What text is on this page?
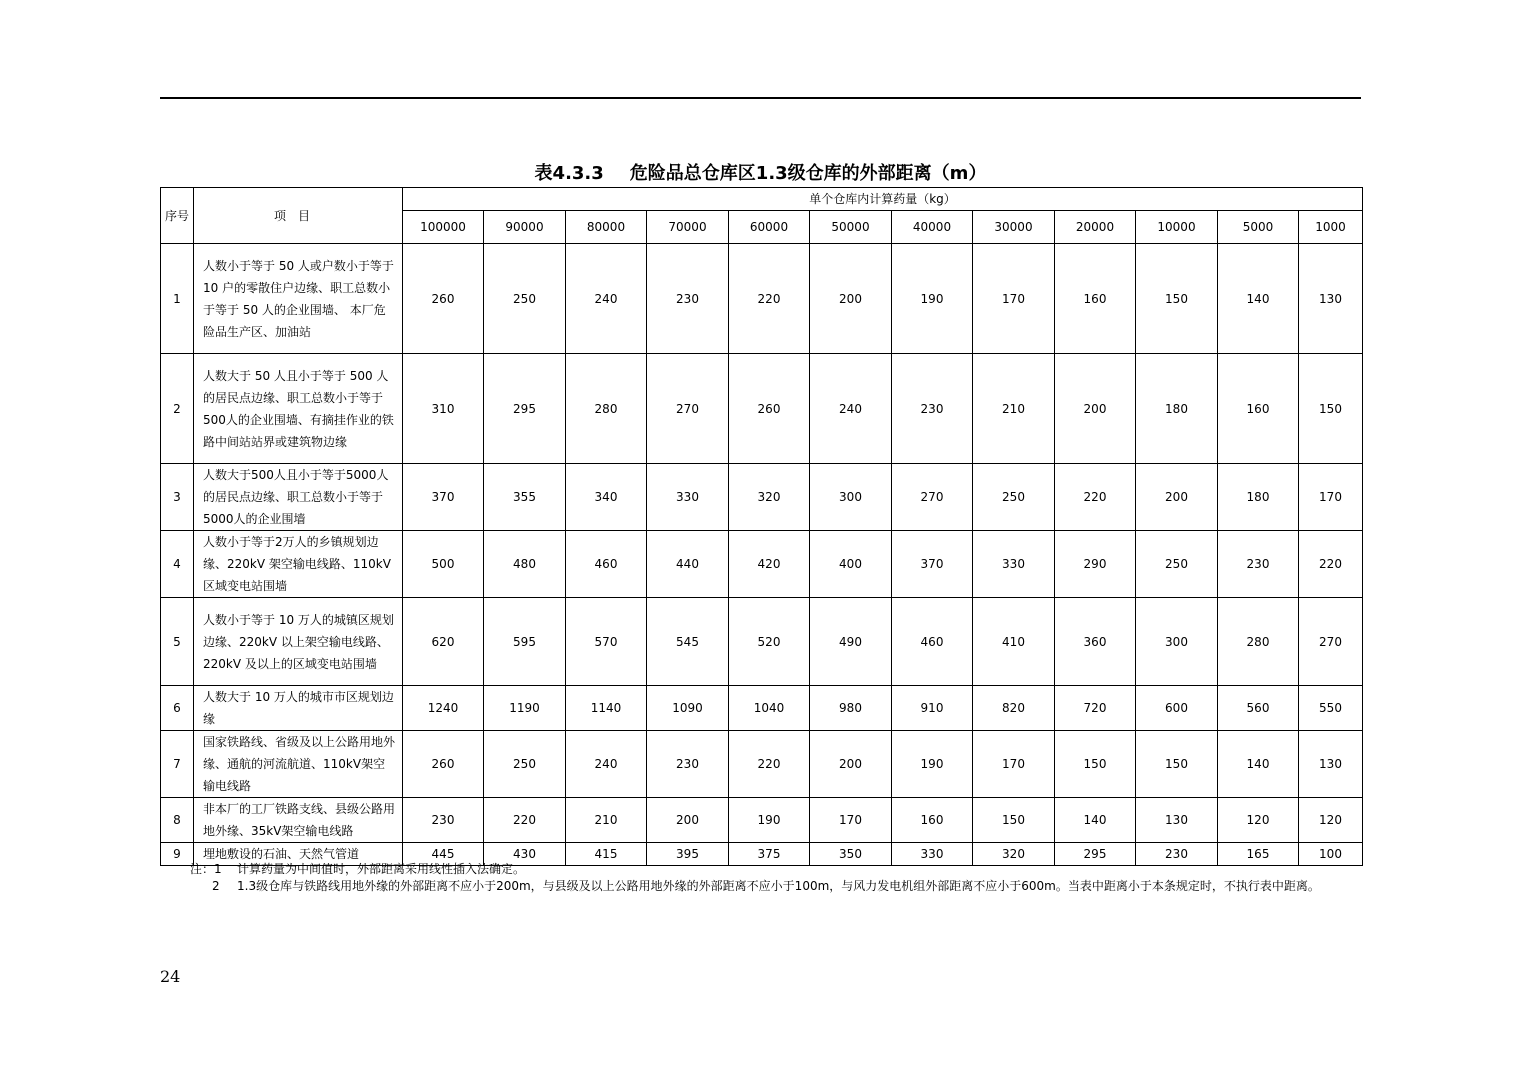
表4.3.3 危险品总仓库区1.3级仓库的外部距离（m）
序号	项目	单个仓库内计算药量（kg）											
		100000	90000	80000	70000	60000	50000	40000	30000	20000	10000	5000	1000
1	人数小于等于 50 人或户数小于等于 10 户的零散住户边缘、职工总数小于等于 50 人的企业围墙、 本厂危险品生产区、加油站	260	250	240	230	220	200	190	170	160	150	140	130
2	人数大于 50 人且小于等于 500 人的居民点边缘、职工总数小于等于500人的企业围墙、有摘挂作业的铁路中间站站界或建筑物边缘	310	295	280	270	260	240	230	210	200	180	160	150
3	人数大于500人且小于等于5000人的居民点边缘、职工总数小于等于5000人的企业围墙	370	355	340	330	320	300	270	250	220	200	180	170
4	人数小于等于2万人的乡镇规划边缘、220kV 架空输电线路、110kV区域变电站围墙	500	480	460	440	420	400	370	330	290	250	230	220
5	人数小于等于 10 万人的城镇区规划边缘、220kV 以上架空输电线路、220kV 及以上的区域变电站围墙	620	595	570	545	520	490	460	410	360	300	280	270
6	人数大于 10 万人的城市市区规划边缘	1240	1190	1140	1090	1040	980	910	820	720	600	560	550
7	国家铁路线、省级及以上公路用地外缘、通航的河流航道、110kV架空输电线路	260	250	240	230	220	200	190	170	150	150	140	130
8	非本厂的工厂铁路支线、县级公路用地外缘、35kV架空输电线路	230	220	210	200	190	170	160	150	140	130	120	120
9	埋地敷设的石油、天然气管道	445	430	415	395	375	350	330	320	295	230	165	100
注：1	计算药量为中间值时，外部距离采用线性插入法确定。
2	1.3级仓库与铁路线用地外缘的外部距离不应小于200m，与县级及以上公路用地外缘的外部距离不应小于100m，与风力发电机组外部距离不应小于600m。当表中距离小于本条规定时，不执行表中距离。
24
